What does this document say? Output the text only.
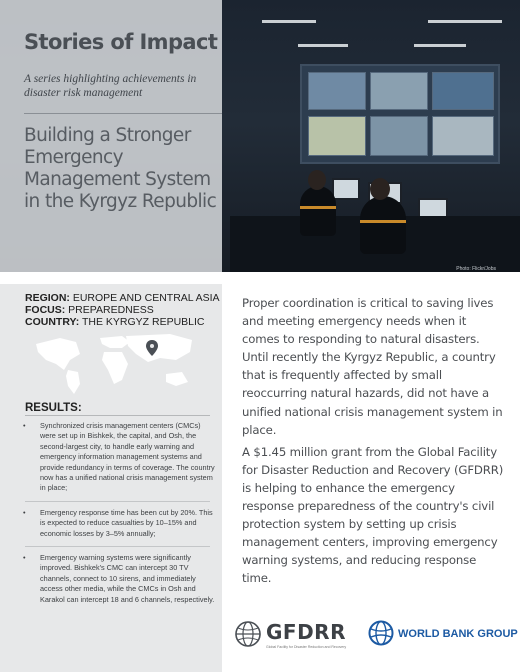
Stories of Impact
A series highlighting achievements in disaster risk management
Building a Stronger Emergency Management System in the Kyrgyz Republic
Photo: Flickr/Jobs
REGION: EUROPE AND CENTRAL ASIA
FOCUS: PREPAREDNESS
COUNTRY: THE KYRGYZ REPUBLIC
RESULTS:
• Synchronized crisis management centers (CMCs) were set up in Bishkek, the capital, and Osh, the second-largest city, to handle early warning and emergency information management systems and provide redundancy in terms of coverage. The country now has a unified national crisis management system in place;
• Emergency response time has been cut by 20%. This is expected to reduce casualties by 10–15% and economic losses by 3–5% annually;
• Emergency warning systems were significantly improved. Bishkek's CMC can intercept 30 TV channels, connect to 10 sirens, and immediately access other media, while the CMCs in Osh and Karakol can intercept 18 and 6 channels, respectively.

Proper coordination is critical to saving lives and meeting emergency needs when it comes to responding to natural disasters. Until recently the Kyrgyz Republic, a country that is frequently affected by small reoccurring natural hazards, did not have a unified national crisis management system in place.

A $1.45 million grant from the Global Facility for Disaster Reduction and Recovery (GFDRR) is helping to enhance the emergency response preparedness of the country's civil protection system by setting up crisis management centers, improving emergency warning systems, and reducing response time.

GFDRR
Global Facility for Disaster Reduction and Recovery
WORLD BANK GROUP
